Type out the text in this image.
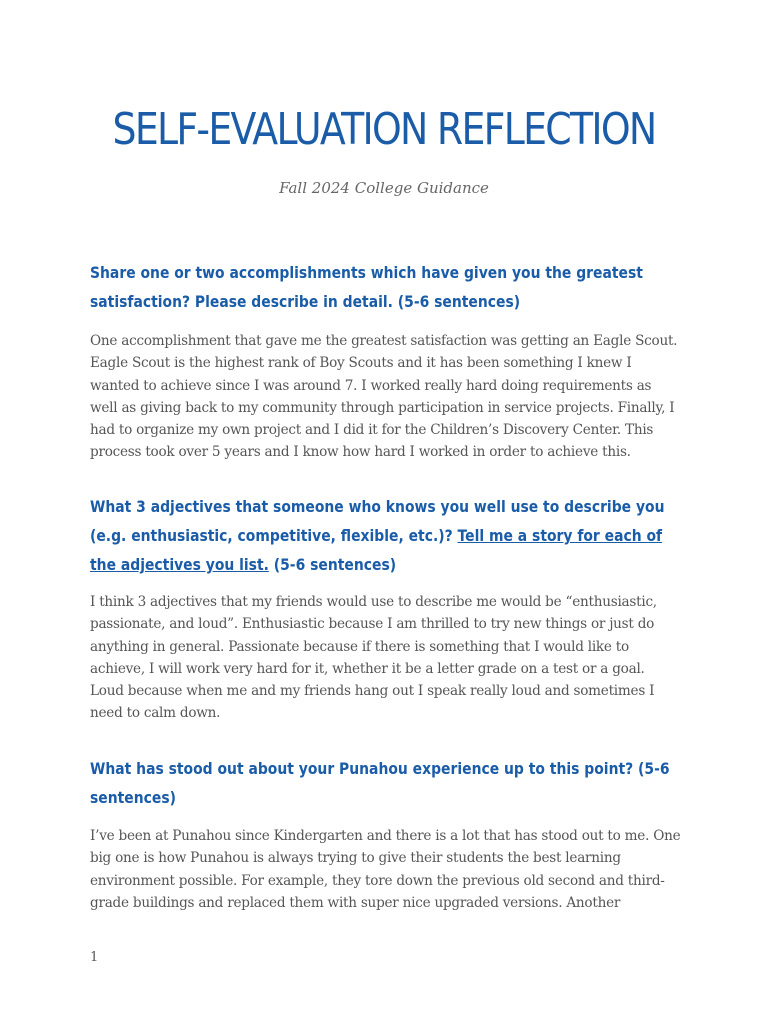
SELF-EVALUATION REFLECTION

Fall 2024 College Guidance

Share one or two accomplishments which have given you the greatest satisfaction? Please describe in detail. (5-6 sentences)

One accomplishment that gave me the greatest satisfaction was getting an Eagle Scout. Eagle Scout is the highest rank of Boy Scouts and it has been something I knew I wanted to achieve since I was around 7. I worked really hard doing requirements as well as giving back to my community through participation in service projects. Finally, I had to organize my own project and I did it for the Children’s Discovery Center. This process took over 5 years and I know how hard I worked in order to achieve this.

What 3 adjectives that someone who knows you well use to describe you (e.g. enthusiastic, competitive, flexible, etc.)? Tell me a story for each of the adjectives you list. (5-6 sentences)

I think 3 adjectives that my friends would use to describe me would be “enthusiastic, passionate, and loud”. Enthusiastic because I am thrilled to try new things or just do anything in general. Passionate because if there is something that I would like to achieve, I will work very hard for it, whether it be a letter grade on a test or a goal. Loud because when me and my friends hang out I speak really loud and sometimes I need to calm down.

What has stood out about your Punahou experience up to this point? (5-6 sentences)

I’ve been at Punahou since Kindergarten and there is a lot that has stood out to me. One big one is how Punahou is always trying to give their students the best learning environment possible. For example, they tore down the previous old second and third-grade buildings and replaced them with super nice upgraded versions. Another

1
